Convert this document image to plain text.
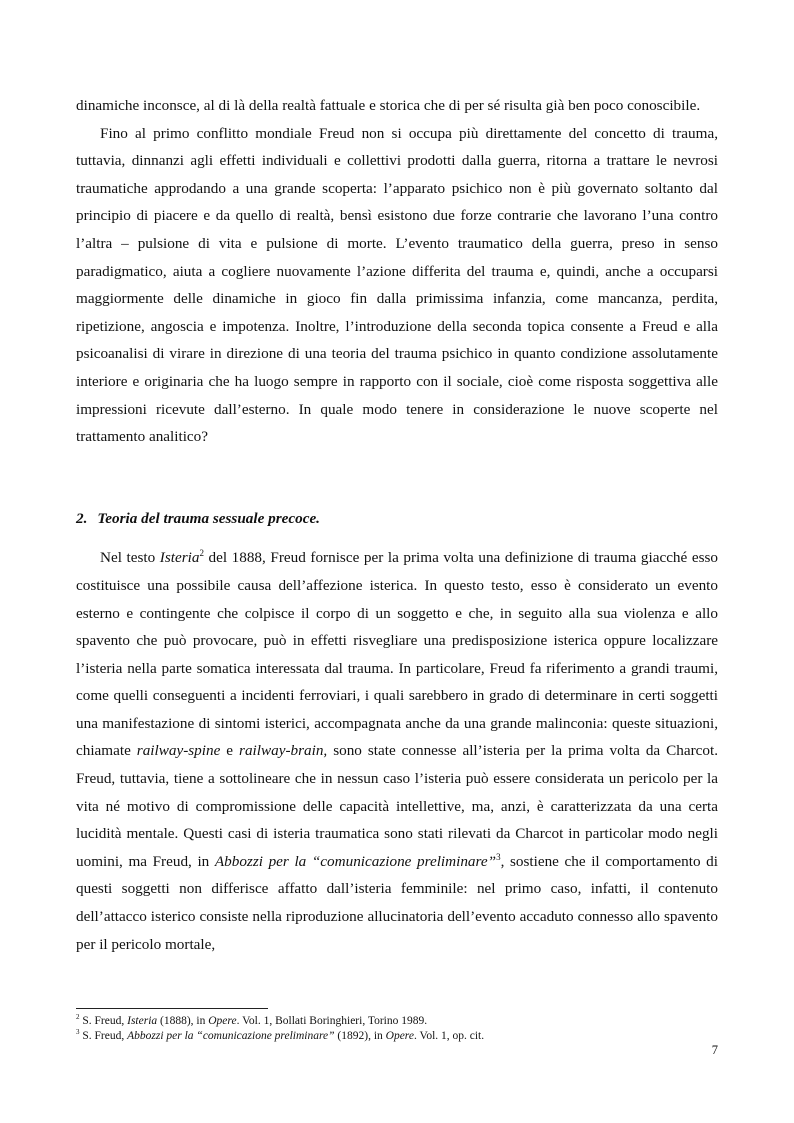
dinamiche inconsce, al di là della realtà fattuale e storica che di per sé risulta già ben poco conoscibile.

Fino al primo conflitto mondiale Freud non si occupa più direttamente del concetto di trauma, tuttavia, dinnanzi agli effetti individuali e collettivi prodotti dalla guerra, ritorna a trattare le nevrosi traumatiche approdando a una grande scoperta: l’apparato psichico non è più governato soltanto dal principio di piacere e da quello di realtà, bensì esistono due forze contrarie che lavorano l’una contro l’altra – pulsione di vita e pulsione di morte. L’evento traumatico della guerra, preso in senso paradigmatico, aiuta a cogliere nuovamente l’azione differita del trauma e, quindi, anche a occuparsi maggiormente delle dinamiche in gioco fin dalla primissima infanzia, come mancanza, perdita, ripetizione, angoscia e impotenza. Inoltre, l’introduzione della seconda topica consente a Freud e alla psicoanalisi di virare in direzione di una teoria del trauma psichico in quanto condizione assolutamente interiore e originaria che ha luogo sempre in rapporto con il sociale, cioè come risposta soggettiva alle impressioni ricevute dall’esterno. In quale modo tenere in considerazione le nuove scoperte nel trattamento analitico?

2. Teoria del trauma sessuale precoce.

Nel testo Isteria$^2$ del 1888, Freud fornisce per la prima volta una definizione di trauma giacché esso costituisce una possibile causa dell’affezione isterica. In questo testo, esso è considerato un evento esterno e contingente che colpisce il corpo di un soggetto e che, in seguito alla sua violenza e allo spavento che può provocare, può in effetti risvegliare una predisposizione isterica oppure localizzare l’isteria nella parte somatica interessata dal trauma. In particolare, Freud fa riferimento a grandi traumi, come quelli conseguenti a incidenti ferroviari, i quali sarebbero in grado di determinare in certi soggetti una manifestazione di sintomi isterici, accompagnata anche da una grande malinconia: queste situazioni, chiamate railway-spine e railway-brain, sono state connesse all’isteria per la prima volta da Charcot. Freud, tuttavia, tiene a sottolineare che in nessun caso l’isteria può essere considerata un pericolo per la vita né motivo di compromissione delle capacità intellettive, ma, anzi, è caratterizzata da una certa lucidità mentale. Questi casi di isteria traumatica sono stati rilevati da Charcot in particolar modo negli uomini, ma Freud, in Abbozzi per la “comunicazione preliminare”$^3$, sostiene che il comportamento di questi soggetti non differisce affatto dall’isteria femminile: nel primo caso, infatti, il contenuto dell’attacco isterico consiste nella riproduzione allucinatoria dell’evento accaduto connesso allo spavento per il pericolo mortale,

$^2$ S. Freud, Isteria (1888), in Opere. Vol. 1, Bollati Boringhieri, Torino 1989.

$^3$ S. Freud, Abbozzi per la “comunicazione preliminare” (1892), in Opere. Vol. 1, op. cit.

7
